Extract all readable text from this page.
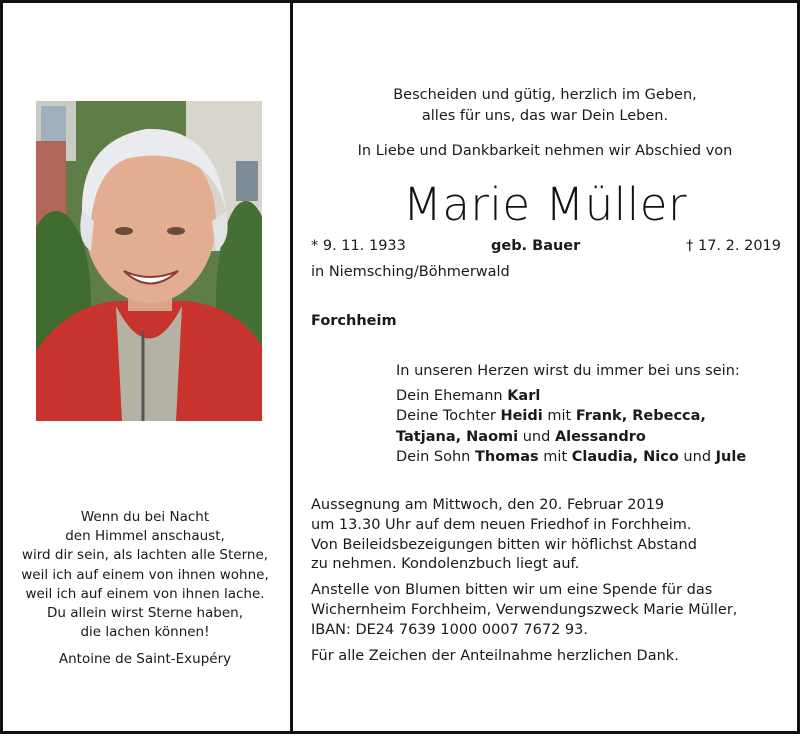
Wenn du bei Nacht
den Himmel anschaust,
wird dir sein, als lachten alle Sterne,
weil ich auf einem von ihnen wohne,
weil ich auf einem von ihnen lache.
Du allein wirst Sterne haben,
die lachen können!
Antoine de Saint-Exupéry
Bescheiden und gütig, herzlich im Geben,
alles für uns, das war Dein Leben.
In Liebe und Dankbarkeit nehmen wir Abschied von
Marie Müller
* 9. 11. 1933	geb. Bauer	† 17. 2. 2019
in Niemsching/Böhmerwald
Forchheim
In unseren Herzen wirst du immer bei uns sein:
Dein Ehemann Karl
Deine Tochter Heidi mit Frank, Rebecca,
Tatjana, Naomi und Alessandro
Dein Sohn Thomas mit Claudia, Nico und Jule

Aussegnung am Mittwoch, den 20. Februar 2019
um 13.30 Uhr auf dem neuen Friedhof in Forchheim.
Von Beileidsbezeigungen bitten wir höflichst Abstand
zu nehmen. Kondolenzbuch liegt auf.

Anstelle von Blumen bitten wir um eine Spende für das
Wichernheim Forchheim, Verwendungszweck Marie Müller,
IBAN: DE24 7639 1000 0007 7672 93.

Für alle Zeichen der Anteilnahme herzlichen Dank.
